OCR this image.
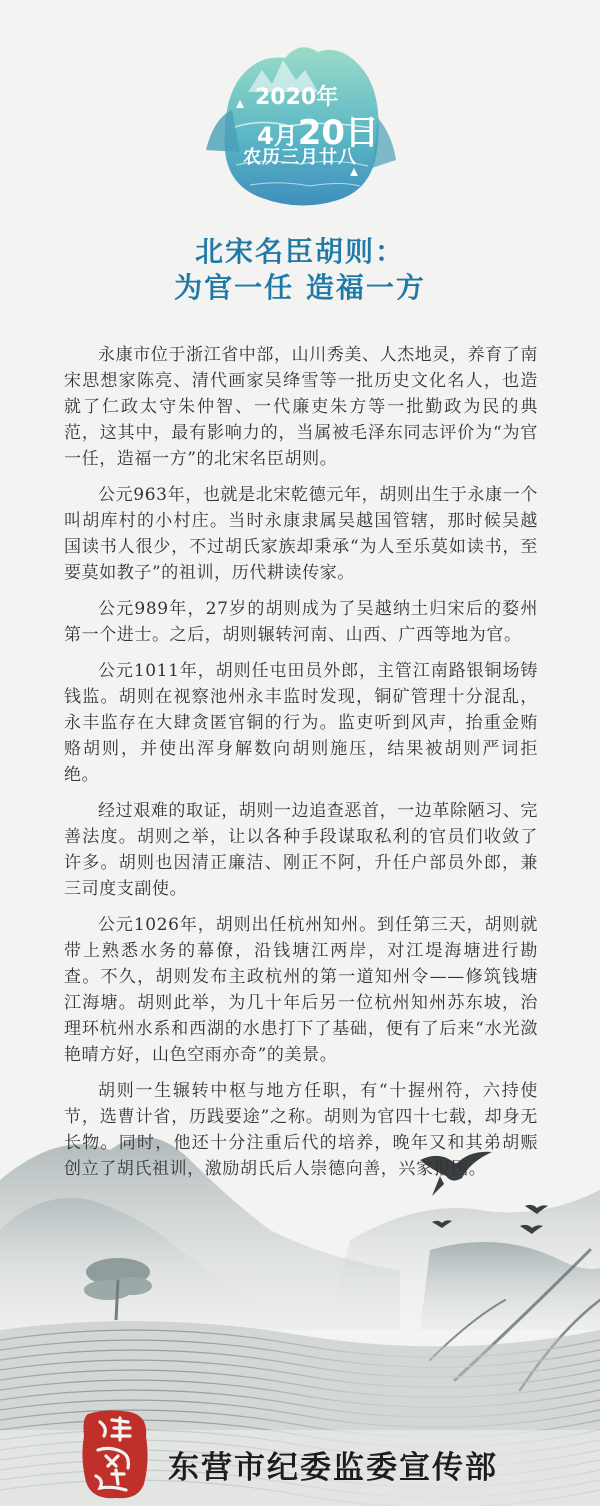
2020年
4月20日
农历三月廿八
北宋名臣胡则：
为官一任 造福一方

永康市位于浙江省中部，山川秀美、人杰地灵，养育了南宋思想家陈亮、清代画家吴绛雪等一批历史文化名人，也造就了仁政太守朱仲智、一代廉吏朱方等一批勤政为民的典范，这其中，最有影响力的，当属被毛泽东同志评价为“为官一任，造福一方”的北宋名臣胡则。

公元963年，也就是北宋乾德元年，胡则出生于永康一个叫胡库村的小村庄。当时永康隶属吴越国管辖，那时候吴越国读书人很少，不过胡氏家族却秉承“为人至乐莫如读书，至要莫如教子”的祖训，历代耕读传家。

公元989年，27岁的胡则成为了吴越纳土归宋后的婺州第一个进士。之后，胡则辗转河南、山西、广西等地为官。

公元1011年，胡则任屯田员外郎，主管江南路银铜场铸钱监。胡则在视察池州永丰监时发现，铜矿管理十分混乱，永丰监存在大肆贪匿官铜的行为。监吏听到风声，抬重金贿赂胡则，并使出浑身解数向胡则施压，结果被胡则严词拒绝。

经过艰难的取证，胡则一边追查恶首，一边革除陋习、完善法度。胡则之举，让以各种手段谋取私利的官员们收敛了许多。胡则也因清正廉洁、刚正不阿，升任户部员外郎，兼三司度支副使。

公元1026年，胡则出任杭州知州。到任第三天，胡则就带上熟悉水务的幕僚，沿钱塘江两岸，对江堤海塘进行勘查。不久，胡则发布主政杭州的第一道知州令——修筑钱塘江海塘。胡则此举，为几十年后另一位杭州知州苏东坡，治理环杭州水系和西湖的水患打下了基础，便有了后来“水光潋艳晴方好，山色空雨亦奇”的美景。

胡则一生辗转中枢与地方任职，有“十握州符，六持使节，选曹计省，历践要途”之称。胡则为官四十七载，却身无长物。同时，他还十分注重后代的培养，晚年又和其弟胡赈创立了胡氏祖训，激励胡氏后人崇德向善，兴家报国。

东营市纪委监委宣传部
